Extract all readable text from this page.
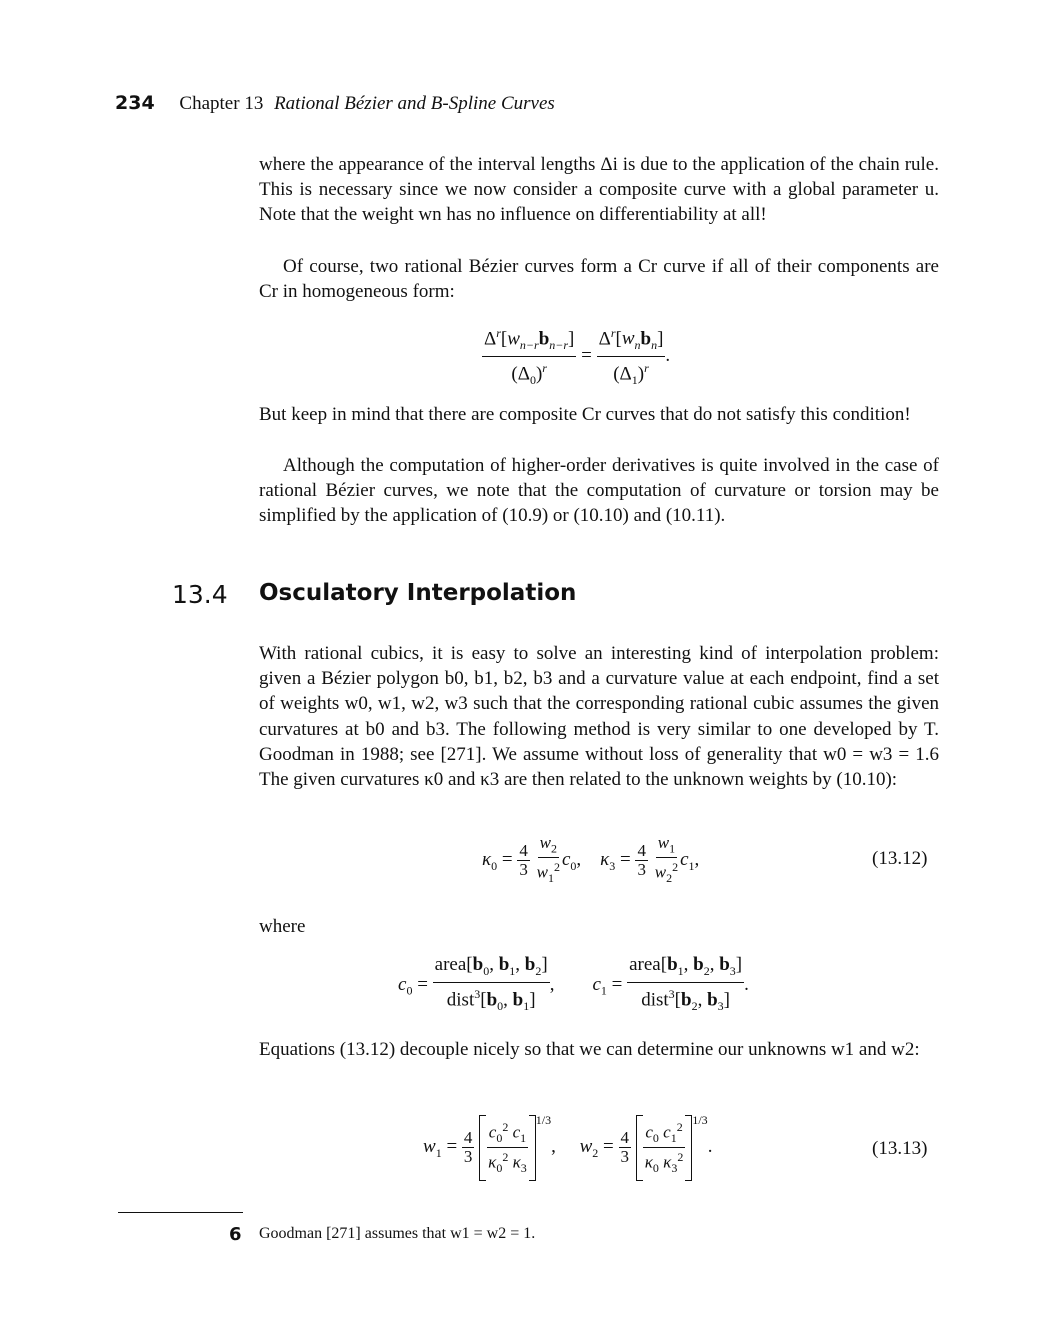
234 Chapter 13 Rational Bézier and B-Spline Curves
where the appearance of the interval lengths Δi is due to the application of the chain rule. This is necessary since we now consider a composite curve with a global parameter u. Note that the weight wn has no influence on differentiability at all!
Of course, two rational Bézier curves form a Cr curve if all of their components are Cr in homogeneous form:
$\frac{\Delta^r[w_{n-r}b_{n-r}]}{(\Delta_0)^r} = \frac{\Delta^r[w_nb_n]}{(\Delta_1)^r}$ .
But keep in mind that there are composite Cr curves that do not satisfy this condition!
Although the computation of higher-order derivatives is quite involved in the case of rational Bézier curves, we note that the computation of curvature or torsion may be simplified by the application of (10.9) or (10.10) and (10.11).
13.4 Osculatory Interpolation
With rational cubics, it is easy to solve an interesting kind of interpolation problem: given a Bézier polygon b0, b1, b2, b3 and a curvature value at each endpoint, find a set of weights w0, w1, w2, w3 such that the corresponding rational cubic assumes the given curvatures at b0 and b3. The following method is very similar to one developed by T. Goodman in 1988; see [271]. We assume without loss of generality that w0 = w3 = 1.6 The given curvatures κ0 and κ3 are then related to the unknown weights by (10.10):
$\kappa_0 = \frac{4}{3}$
$\frac{w_2}{w_1^2} c_0$,    $\kappa_3 = \frac{4}{3}$
$\frac{w_1}{w_2^2} c_1$,	(13.12)
where
$c_0 = \frac{area[b_0, b_1, b_2]}{dist^3[b_0, b_1]}$ ,        $c_1 = \frac{area[b_1, b_2, b_3]}{dist^3[b_2, b_3]}$ .
Equations (13.12) decouple nicely so that we can determine our unknowns w1 and w2:
$w_1 = \frac{4}{3}$
$\frac{c_0^2 c_1}{\kappa_0^2 \kappa_3} ^{1/3}$,     $w_2 = \frac{4}{3}$
$\frac{c_0 c_1^2}{\kappa_0 \kappa_3^2} ^{1/3}$.	(13.13)
6 Goodman [271] assumes that w1 = w2 = 1.
